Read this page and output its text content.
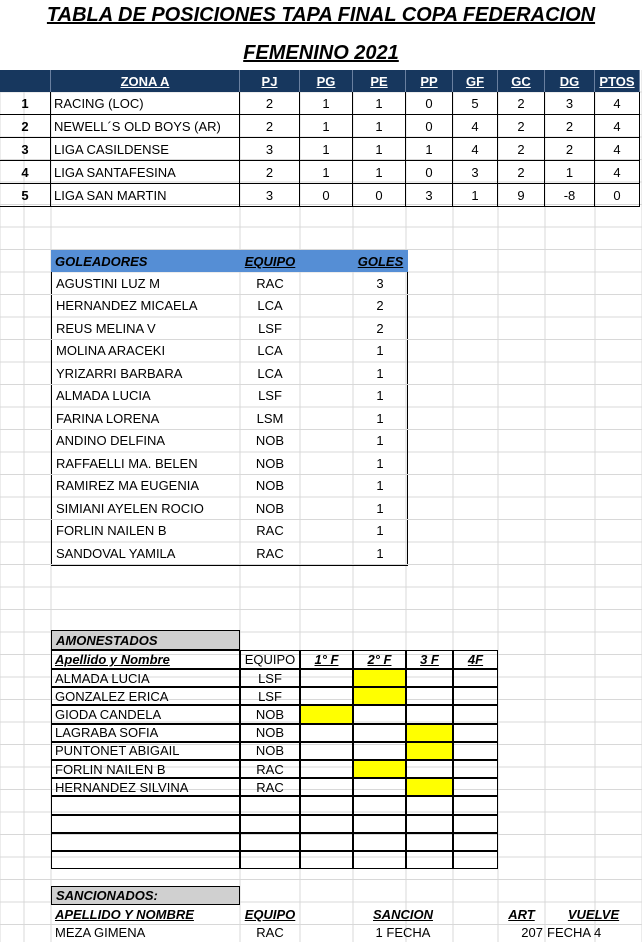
TABLA DE POSICIONES TAPA FINAL COPA FEDERACION
FEMENINO 2021
ZONA A	PJ	PG	PE	PP	GF	GC	DG	PTOS
1	RACING (LOC)	2	1	1	0	5	2	3	4
2	NEWELL´S OLD BOYS (AR)	2	1	1	0	4	2	2	4
3	LIGA CASILDENSE	3	1	1	1	4	2	2	4
4	LIGA SANTAFESINA	2	1	1	0	3	2	1	4
5	LIGA SAN MARTIN	3	0	0	3	1	9	-8	0
GOLEADORES	EQUIPO	GOLES
AGUSTINI LUZ M	RAC	3
HERNANDEZ MICAELA	LCA	2
REUS MELINA V	LSF	2
MOLINA ARACEKI	LCA	1
YRIZARRI BARBARA	LCA	1
ALMADA LUCIA	LSF	1
FARINA LORENA	LSM	1
ANDINO DELFINA	NOB	1
RAFFAELLI MA. BELEN	NOB	1
RAMIREZ MA EUGENIA	NOB	1
SIMIANI AYELEN ROCIO	NOB	1
FORLIN NAILEN B	RAC	1
SANDOVAL YAMILA	RAC	1
AMONESTADOS
Apellido y Nombre	EQUIPO	1° F	2° F	3 F	4F
ALMADA LUCIA	LSF
GONZALEZ ERICA	LSF
GIODA CANDELA	NOB
LAGRABA SOFIA	NOB
PUNTONET ABIGAIL	NOB
FORLIN NAILEN B	RAC
HERNANDEZ SILVINA	RAC
SANCIONADOS:
APELLIDO Y NOMBRE	EQUIPO	SANCION	ART	VUELVE
MEZA GIMENA	RAC	1 FECHA	207 FECHA 4
